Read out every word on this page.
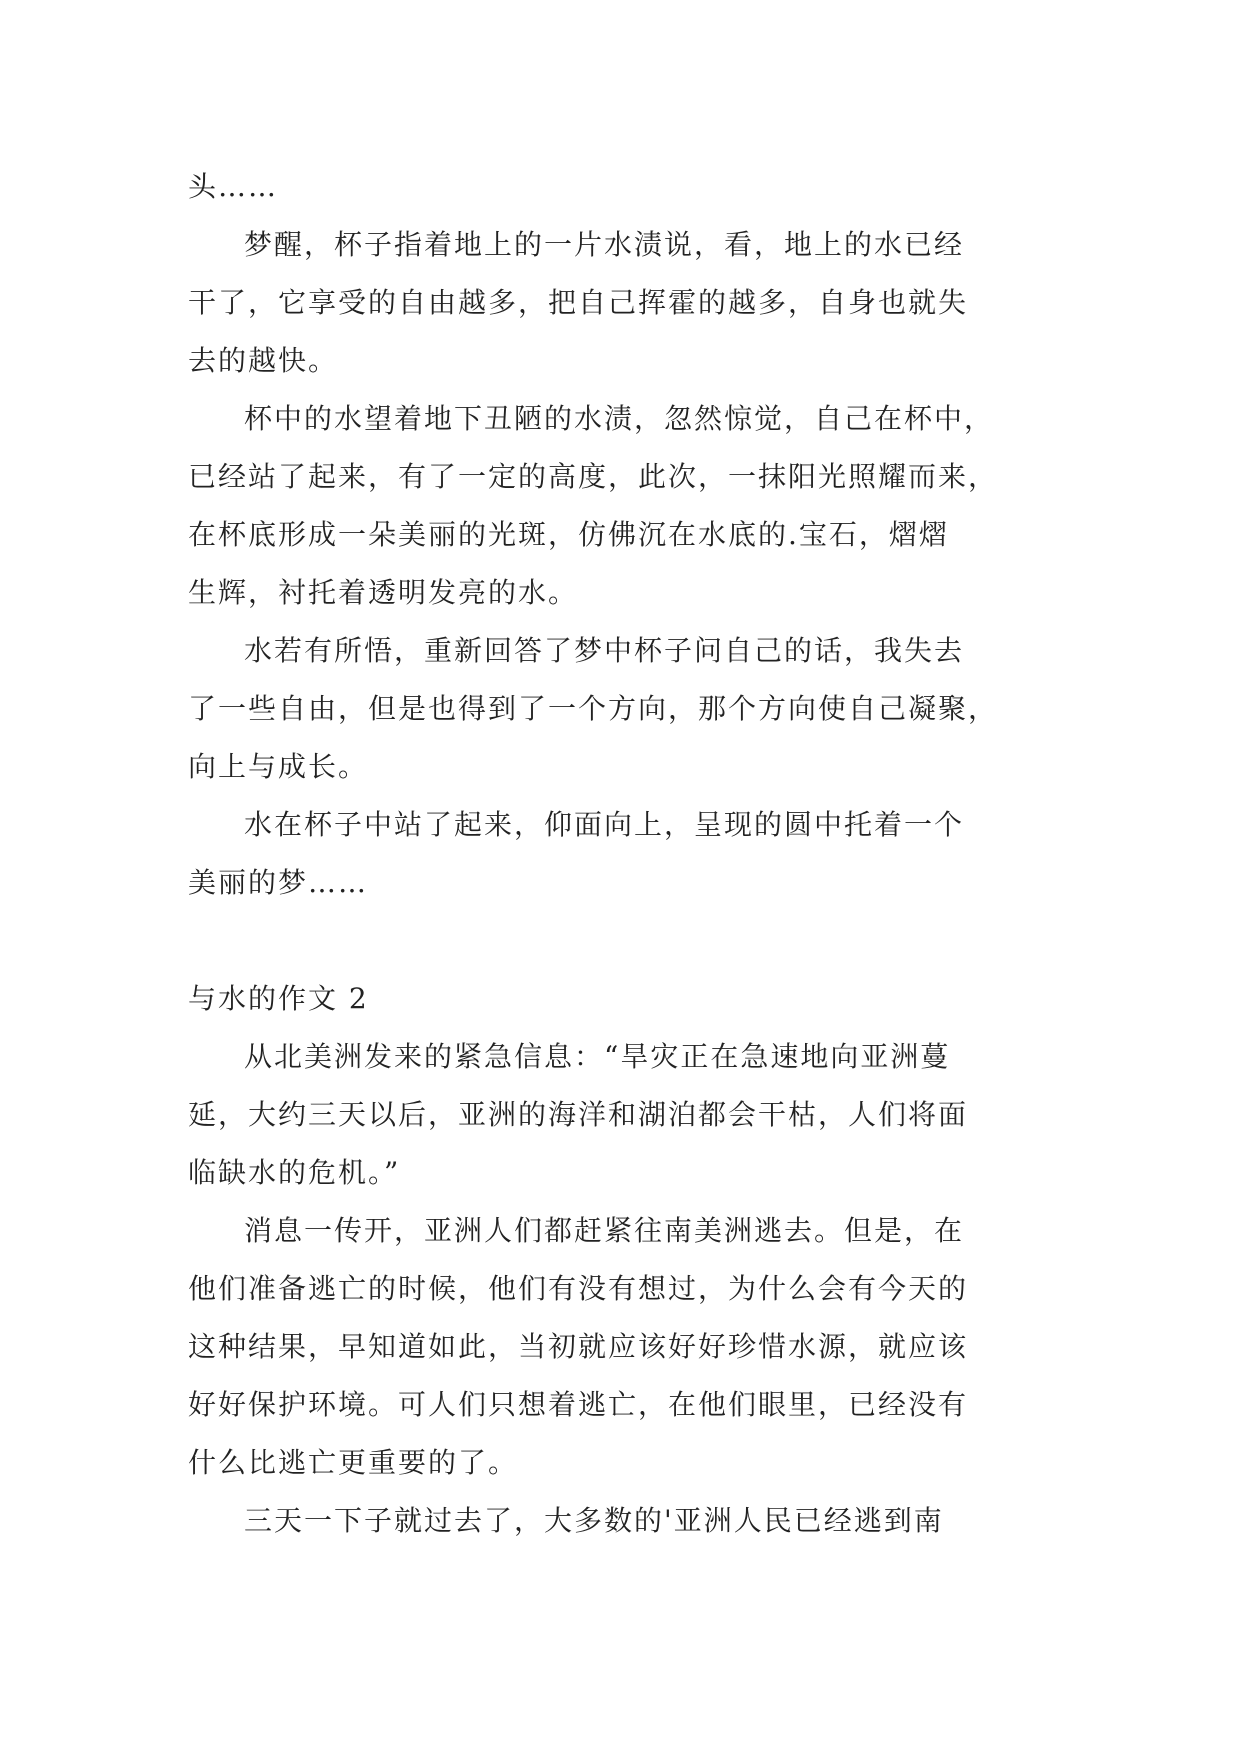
头……

梦醒，杯子指着地上的一片水渍说，看，地上的水已经
干了，它享受的自由越多，把自己挥霍的越多，自身也就失
去的越快。

杯中的水望着地下丑陋的水渍，忽然惊觉，自己在杯中，
已经站了起来，有了一定的高度，此次，一抹阳光照耀而来，
在杯底形成一朵美丽的光斑，仿佛沉在水底的.宝石，熠熠
生辉，衬托着透明发亮的水。

水若有所悟，重新回答了梦中杯子问自己的话，我失去
了一些自由，但是也得到了一个方向，那个方向使自己凝聚，
向上与成长。

水在杯子中站了起来，仰面向上，呈现的圆中托着一个
美丽的梦……

与水的作文 2

从北美洲发来的紧急信息：“旱灾正在急速地向亚洲蔓
延，大约三天以后，亚洲的海洋和湖泊都会干枯，人们将面
临缺水的危机。”

消息一传开，亚洲人们都赶紧往南美洲逃去。但是，在
他们准备逃亡的时候，他们有没有想过，为什么会有今天的
这种结果，早知道如此，当初就应该好好珍惜水源，就应该
好好保护环境。可人们只想着逃亡，在他们眼里，已经没有
什么比逃亡更重要的了。

三天一下子就过去了，大多数的'亚洲人民已经逃到南
